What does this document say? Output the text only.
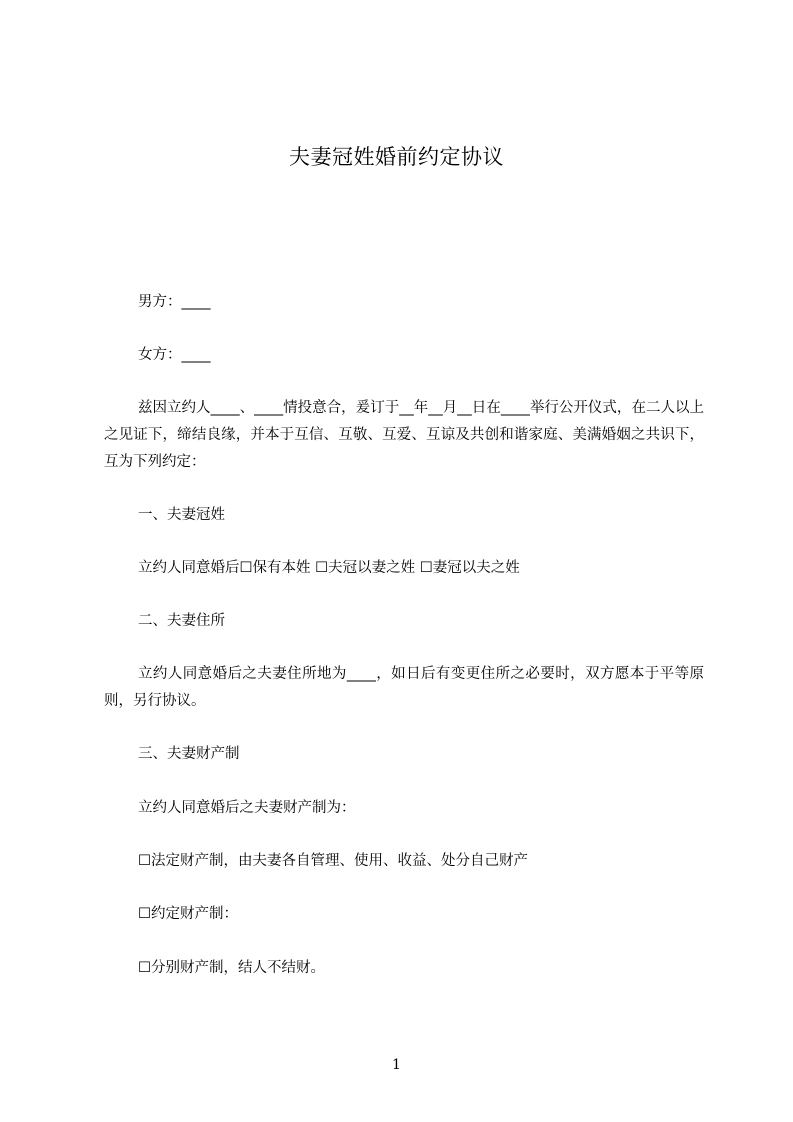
夫妻冠姓婚前约定协议
男方：____
女方：____
兹因立约人____、____情投意合，爰订于__年__月__日在____举行公开仪式，在二人以上之见证下，缔结良缘，并本于互信、互敬、互爱、互谅及共创和谐家庭、美满婚姻之共识下，互为下列约定：
一、夫妻冠姓
立约人同意婚后☐保有本姓 ☐夫冠以妻之姓 ☐妻冠以夫之姓
二、夫妻住所
立约人同意婚后之夫妻住所地为____，如日后有变更住所之必要时，双方愿本于平等原则，另行协议。
三、夫妻财产制
立约人同意婚后之夫妻财产制为：
☐法定财产制，由夫妻各自管理、使用、收益、处分自己财产
☐约定财产制：
☐分别财产制，结人不结财。
1
